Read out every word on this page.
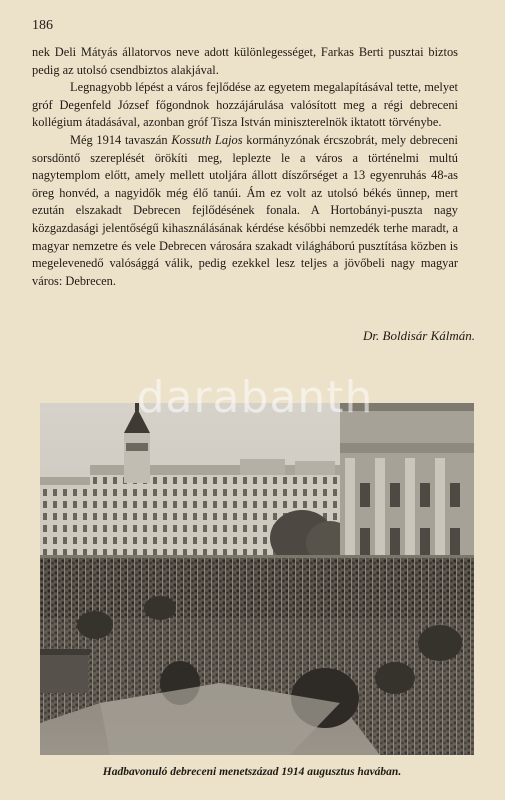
186

nek Deli Mátyás állatorvos neve adott különlegességet, Farkas Berti pusztai biztos pedig az utolsó csendbiztos alakjával.

Legnagyobb lépést a város fejlődése az egyetem megalapításával tette, melyet gróf Degenfeld József főgondnok hozzájárulása valósított meg a régi debreceni kollégium átadásával, azonban gróf Tisza István miniszterelnök iktatott törvénybe.

Még 1914 tavaszán Kossuth Lajos kormányzónak ércszobrát, mely debreceni sorsdöntő szereplését örökíti meg, leplezte le a város a történelmi multú nagytemplom előtt, amely mellett utoljára állott díszőrséget a 13 egyenruhás 48-as öreg honvéd, a nagyidők még élő tanúi. Ám ez volt az utolsó békés ünnep, mert ezután elszakadt Debrecen fejlődésének fonala. A Hortobányi-puszta nagy közgazdasági jelentőségű kihasználásának kérdése későbbi nemzedék terhe maradt, a magyar nemzetre és vele Debrecen városára szakadt világháború pusztítása közben is megelevenedő valósággá válik, pedig ezekkel lesz teljes a jövőbeli nagy magyar város: Debrecen.

Dr. Boldisár Kálmán.
darabanth
Hadbavonuló debreceni menetszázad 1914 augusztus havában.
